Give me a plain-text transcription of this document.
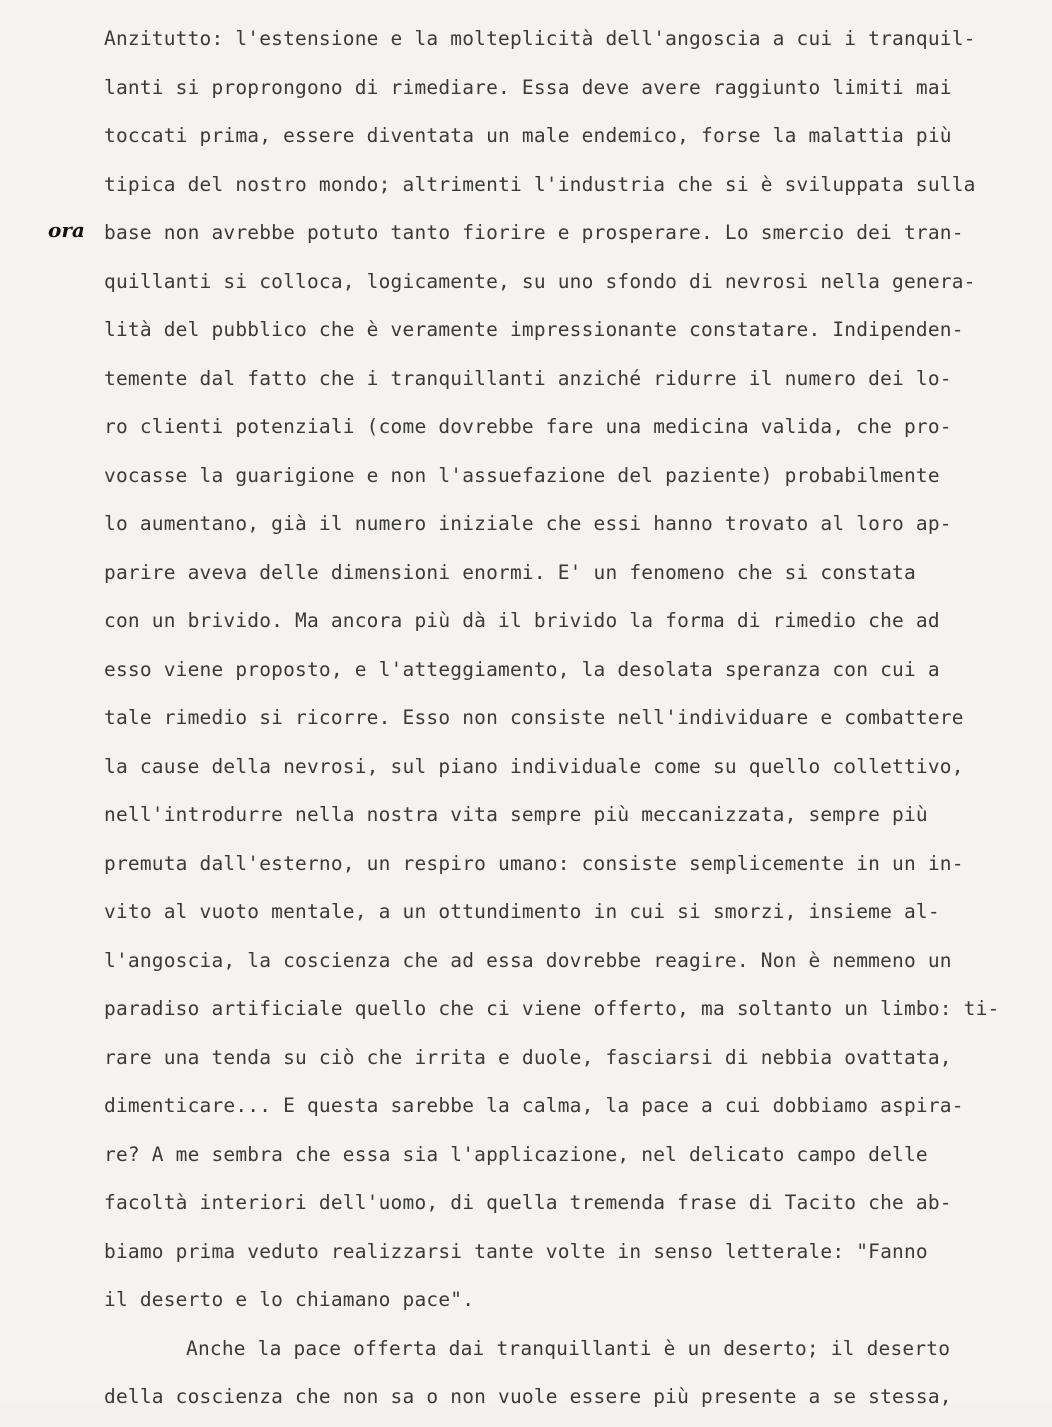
ora
Anzitutto: l'estensione e la molteplicità dell'angoscia a cui i tranquil-
lanti si proprongono di rimediare. Essa deve avere raggiunto limiti mai
toccati prima, essere diventata un male endemico, forse la malattia più
tipica del nostro mondo; altrimenti l'industria che si è sviluppata sulla
base non avrebbe potuto tanto fiorire e prosperare. Lo smercio dei tran-
quillanti si colloca, logicamente, su uno sfondo di nevrosi nella genera-
lità del pubblico che è veramente impressionante constatare. Indipenden-
temente dal fatto che i tranquillanti anziché ridurre il numero dei lo-
ro clienti potenziali (come dovrebbe fare una medicina valida, che pro-
vocasse la guarigione e non l'assuefazione del paziente) probabilmente
lo aumentano, già il numero iniziale che essi hanno trovato al loro ap-
parire aveva delle dimensioni enormi. E' un fenomeno che si constata
con un brivido. Ma ancora più dà il brivido la forma di rimedio che ad
esso viene proposto, e l'atteggiamento, la desolata speranza con cui a
tale rimedio si ricorre. Esso non consiste nell'individuare e combattere
la cause della nevrosi, sul piano individuale come su quello collettivo,
nell'introdurre nella nostra vita sempre più meccanizzata, sempre più
premuta dall'esterno, un respiro umano: consiste semplicemente in un in-
vito al vuoto mentale, a un ottundimento in cui si smorzi, insieme al-
l'angoscia, la coscienza che ad essa dovrebbe reagire. Non è nemmeno un
paradiso artificiale quello che ci viene offerto, ma soltanto un limbo: ti-
rare una tenda su ciò che irrita e duole, fasciarsi di nebbia ovattata,
dimenticare... E questa sarebbe la calma, la pace a cui dobbiamo aspira-
re? A me sembra che essa sia l'applicazione, nel delicato campo delle
facoltà interiori dell'uomo, di quella tremenda frase di Tacito che ab-
biamo prima veduto realizzarsi tante volte in senso letterale: "Fanno
il deserto e lo chiamano pace".
Anche la pace offerta dai tranquillanti è un deserto; il deserto
della coscienza che non sa o non vuole essere più presente a se stessa,
